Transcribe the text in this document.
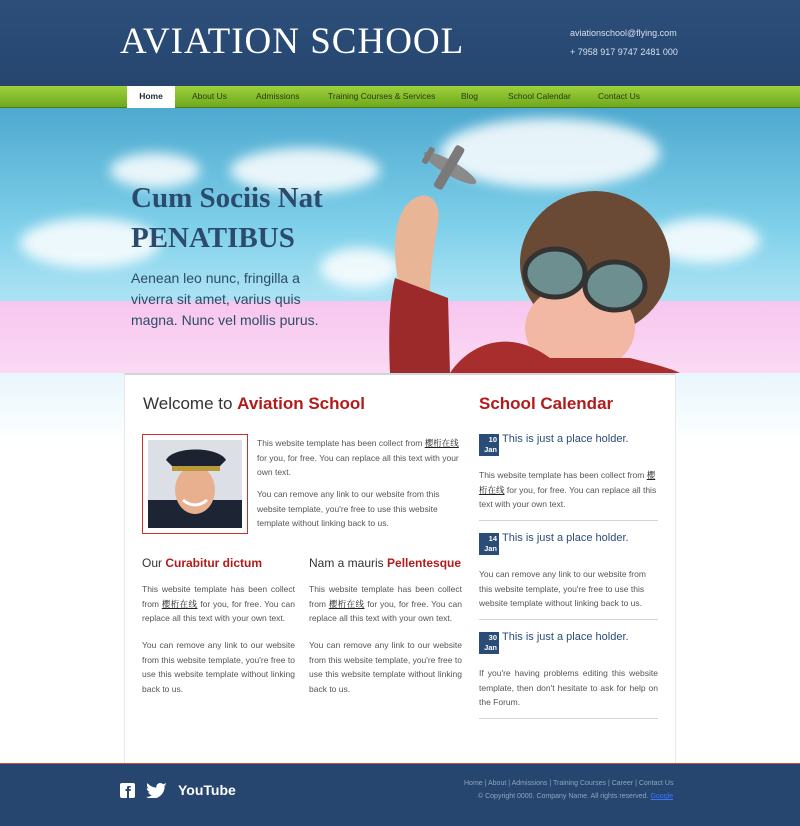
AVIATION SCHOOL	aviationschool@flying.com
+ 7958 917 9747 2481 000
Home	About Us	Admissions	Training Courses & Services	Blog	School Calendar	Contact Us
Cum Sociis Nat
PENATIBUS
Aenean leo nunc, fringilla a viverra sit amet, varius quis magna. Nunc vel mollis purus.
Welcome to Aviation School
This website template has been collect from 櫻桁在线 for you, for free. You can replace all this text with your own text.
You can remove any link to our website from this website template, you're free to use this website template without linking back to us.
Our Curabitur dictum
This website template has been collect from 櫻桁在线 for you, for free. You can replace all this text with your own text.
You can remove any link to our website from this website template, you're free to use this website template without linking back to us.
Nam a mauris Pellentesque
This website template has been collect from 櫻桁在线 for you, for free. You can replace all this text with your own text.
You can remove any link to our website from this website template, you're free to use this website template without linking back to us.
School Calendar
10
Jan
This is just a place holder.
This website template has been collect from 櫻桁在线 for you, for free. You can replace all this text with your own text.
14
Jan
This is just a place holder.
You can remove any link to our website from this website template, you're free to use this website template without linking back to us.
30
Jan
This is just a place holder.
If you're having problems editing this website template, then don't hesitate to ask for help on the Forum.
YouTube	Home | About | Admissions | Training Courses | Career | Contact Us
© Copyright 0000. Company Name. All rights reserved. Google
